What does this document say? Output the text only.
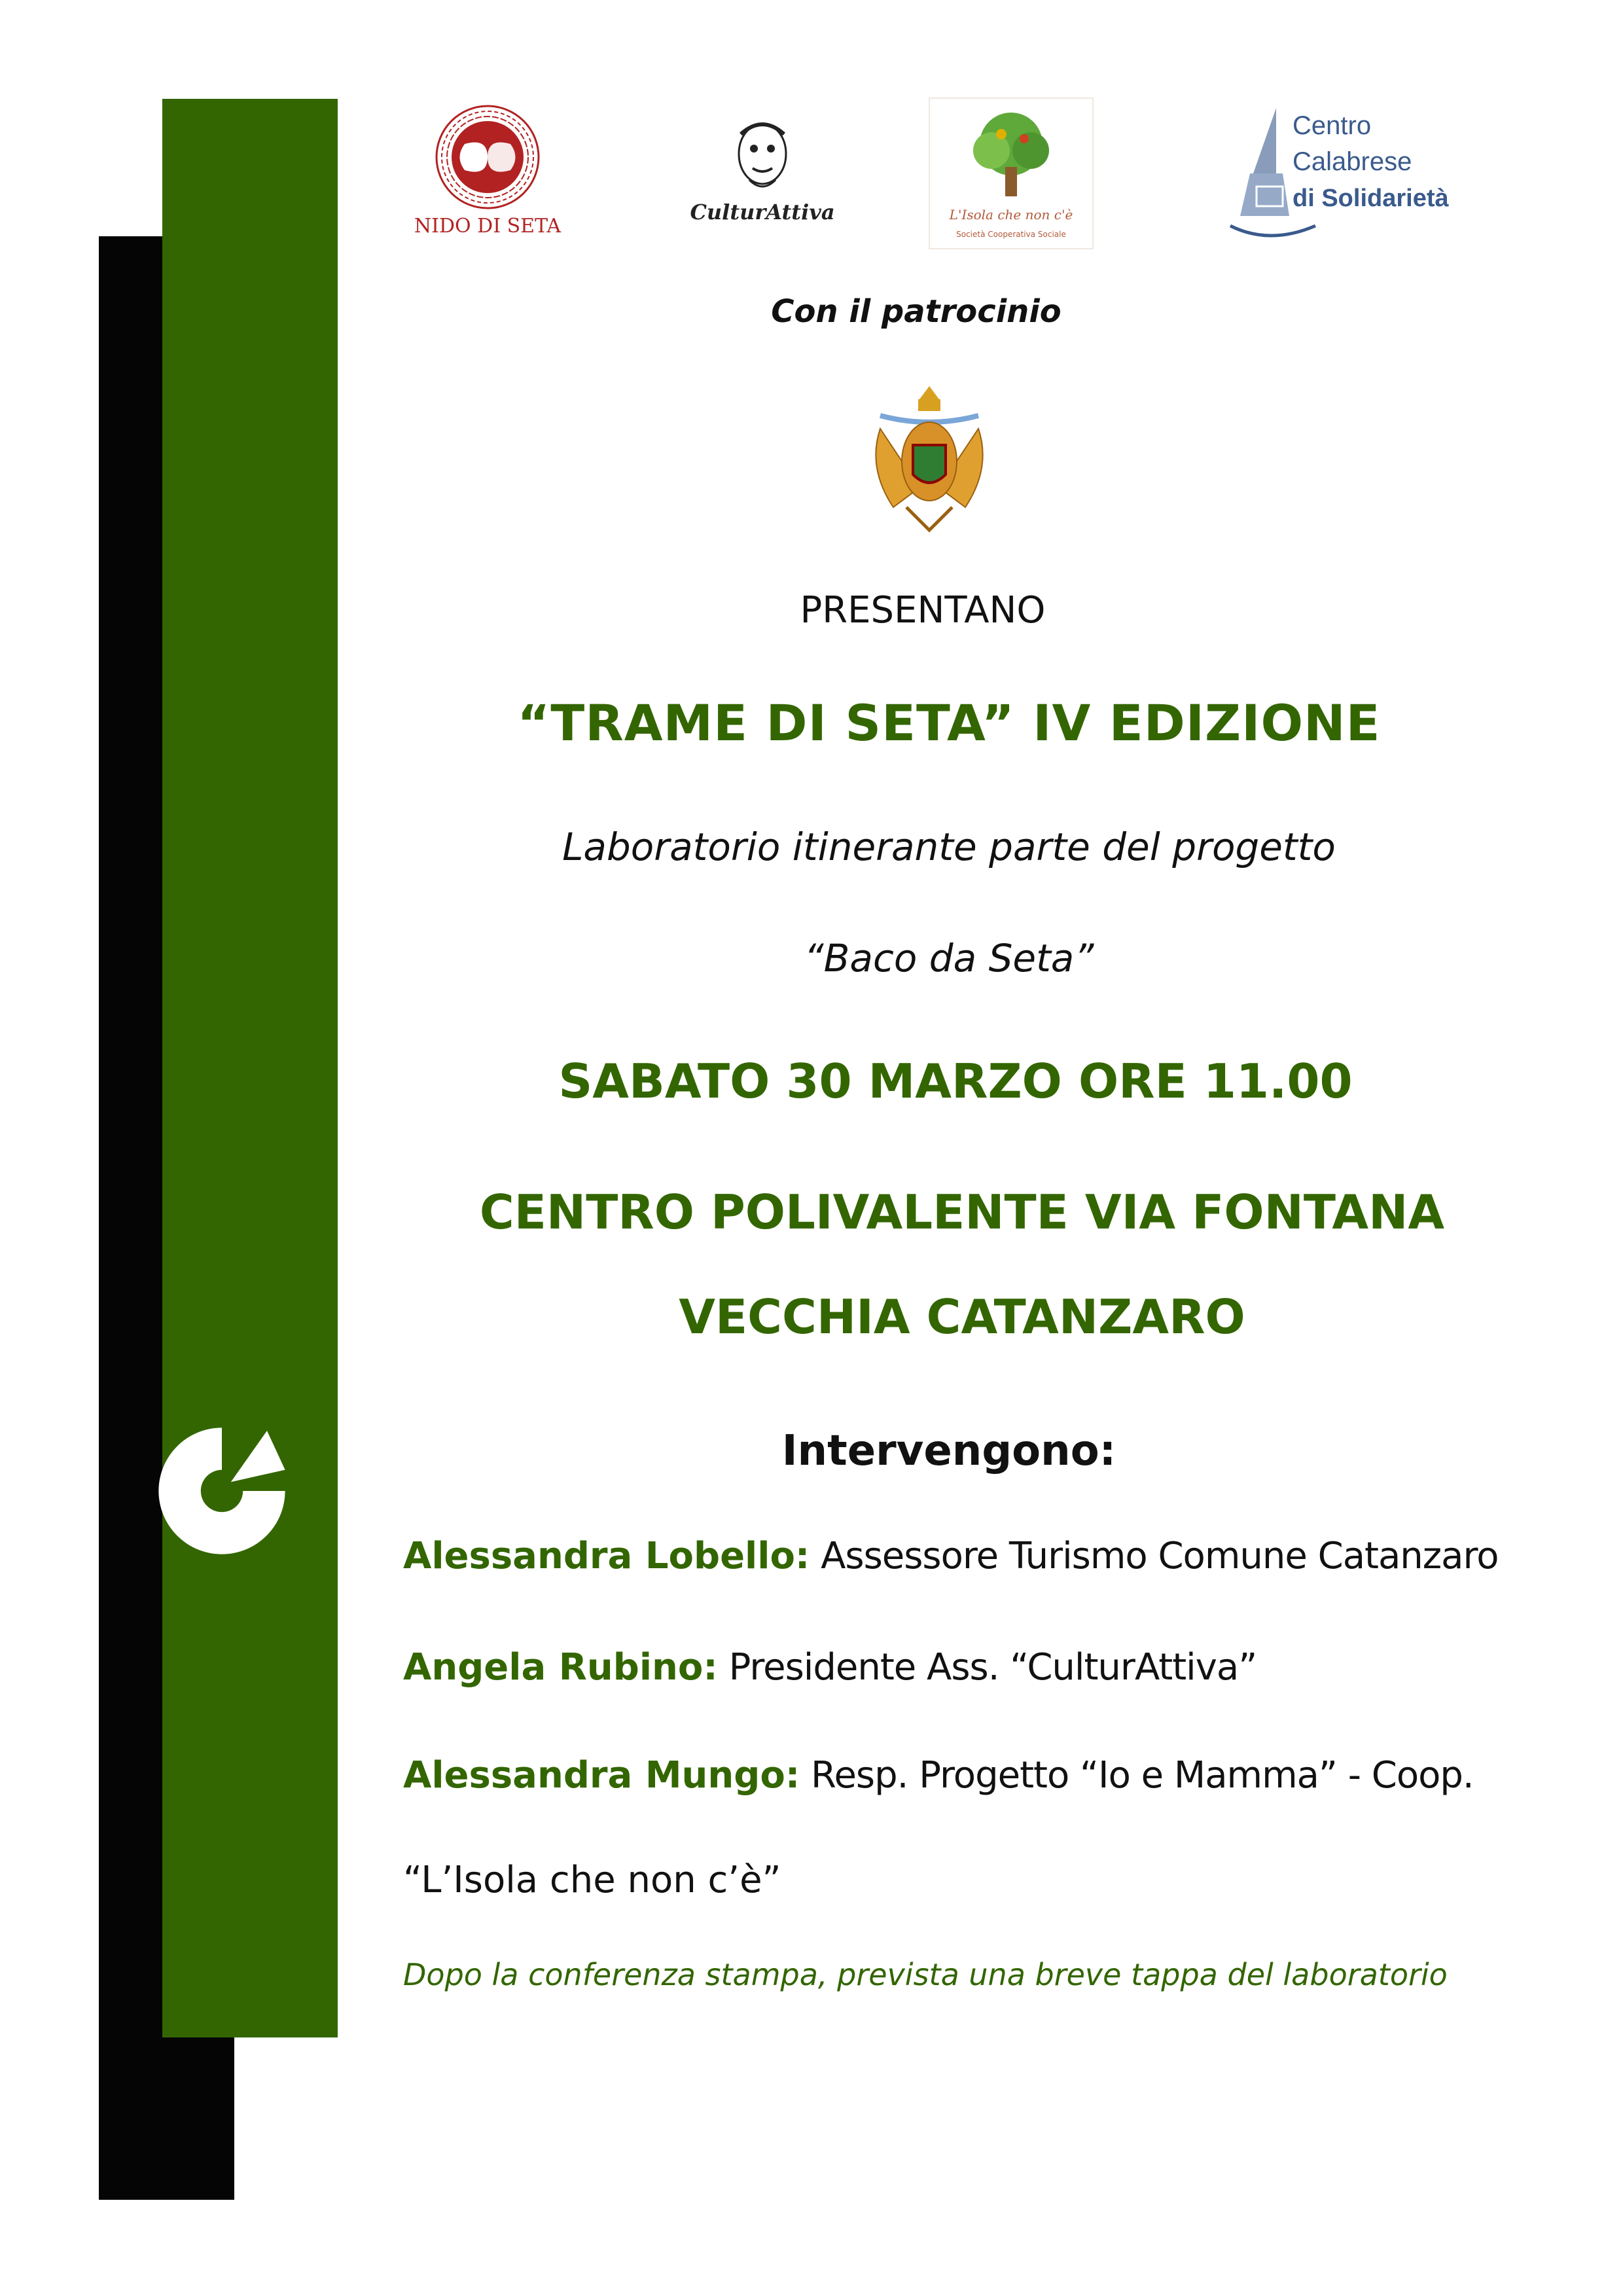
NIDO DI SETA
CulturAttiva	L'Isola che non c'è
Società Cooperativa Sociale
Centro
Calabrese
di Solidarietà
Con il patrocinio
PRESENTANO
“TRAME DI SETA” IV EDIZIONE
Laboratorio itinerante parte del progetto
“Baco da Seta”
SABATO 30 MARZO ORE 11.00
CENTRO POLIVALENTE VIA FONTANA
VECCHIA CATANZARO
Intervengono:
Alessandra Lobello: Assessore Turismo Comune Catanzaro
Angela Rubino: Presidente Ass. “CulturAttiva”
Alessandra Mungo: Resp. Progetto “Io e Mamma” - Coop.
“L’Isola che non c’è”
Dopo la conferenza stampa, prevista una breve tappa del laboratorio
